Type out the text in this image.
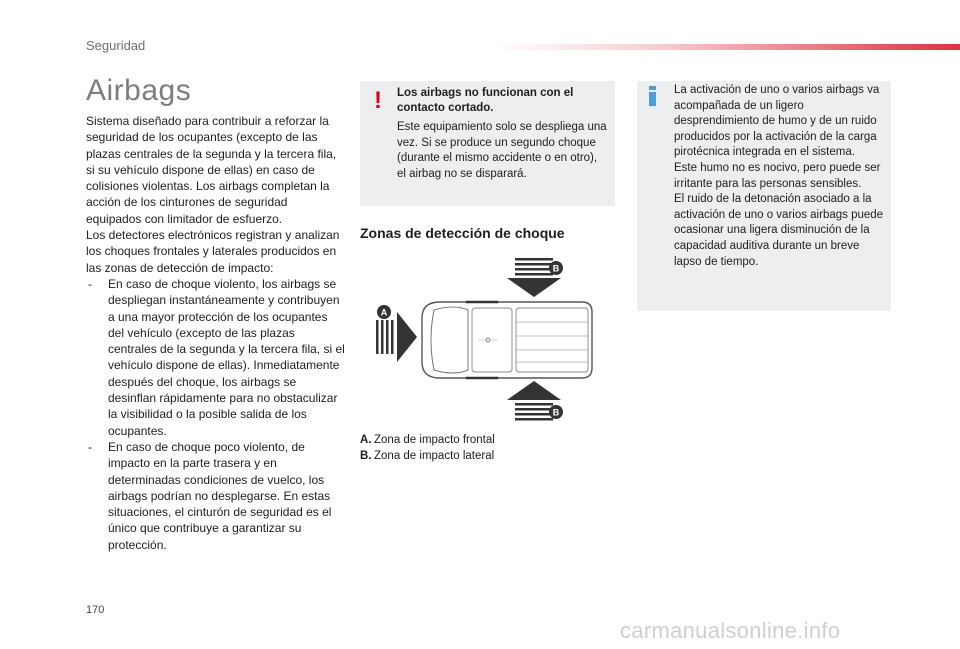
Seguridad
Airbags

Sistema diseñado para contribuir a reforzar la seguridad de los ocupantes (excepto de las plazas centrales de la segunda y la tercera fila, si su vehículo dispone de ellas) en caso de colisiones violentas. Los airbags completan la acción de los cinturones de seguridad equipados con limitador de esfuerzo.

Los detectores electrónicos registran y analizan los choques frontales y laterales producidos en las zonas de detección de impacto:

- En caso de choque violento, los airbags se despliegan instantáneamente y contribuyen a una mayor protección de los ocupantes del vehículo (excepto de las plazas centrales de la segunda y la tercera fila, si el vehículo dispone de ellas). Inmediatamente después del choque, los airbags se desinflan rápidamente para no obstaculizar la visibilidad o la posible salida de los ocupantes.

- En caso de choque poco violento, de impacto en la parte trasera y en determinadas condiciones de vuelco, los airbags podrían no desplegarse. En estas situaciones, el cinturón de seguridad es el único que contribuye a garantizar su protección.

! Los airbags no funcionan con el contacto cortado.
Este equipamiento solo se despliega una vez. Si se produce un segundo choque (durante el mismo accidente o en otro), el airbag no se disparará.
La activación de uno o varios airbags va acompañada de un ligero desprendimiento de humo y de un ruido producidos por la activación de la carga pirotécnica integrada en el sistema.
Este humo no es nocivo, pero puede ser irritante para las personas sensibles.
El ruido de la detonación asociado a la activación de uno o varios airbags puede ocasionar una ligera disminución de la capacidad auditiva durante un breve lapso de tiempo.
Zonas de detección de choque
B
A
B
A. Zona de impacto frontal
B. Zona de impacto lateral
170
carmanualsonline.info
